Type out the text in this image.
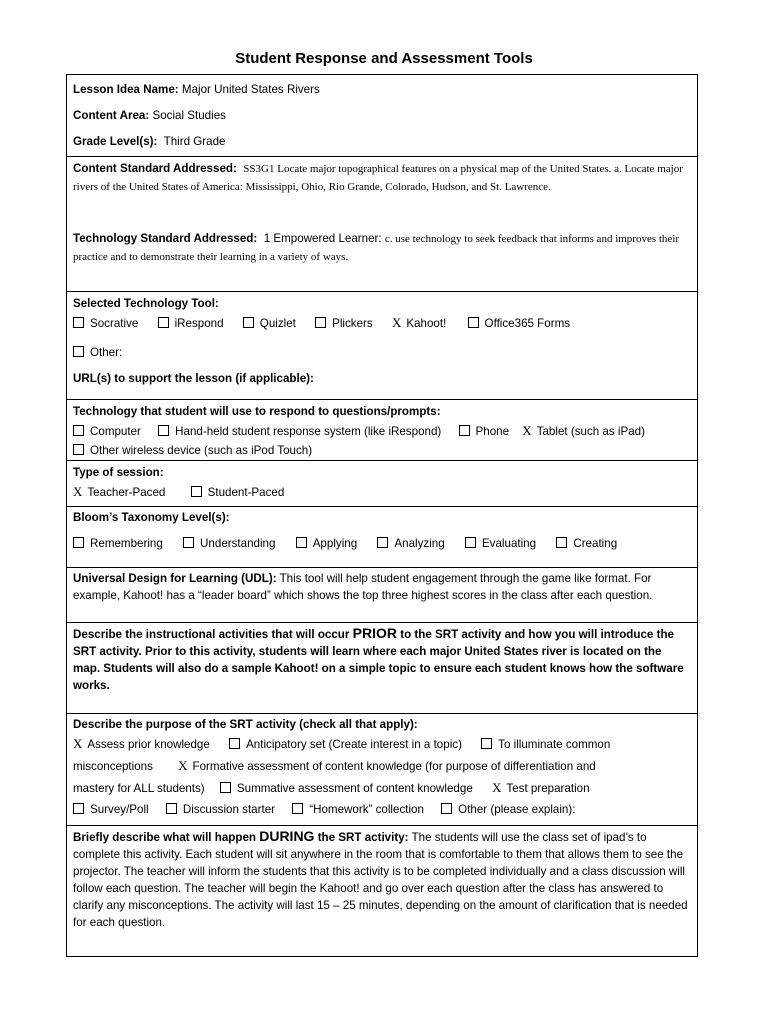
Student Response and Assessment Tools
Lesson Idea Name: Major United States Rivers
Content Area: Social Studies
Grade Level(s): Third Grade
Content Standard Addressed: SS3G1 Locate major topographical features on a physical map of the United States. a. Locate major rivers of the United States of America: Mississippi, Ohio, Rio Grande, Colorado, Hudson, and St. Lawrence.
Technology Standard Addressed: 1 Empowered Learner: c. use technology to seek feedback that informs and improves their practice and to demonstrate their learning in a variety of ways.
Selected Technology Tool:
Socrative	iRespond	Quizlet	Plickers X Kahoot!	Office365 Forms
Other:
URL(s) to support the lesson (if applicable):
Technology that student will use to respond to questions/prompts:
Computer	Hand-held student response system (like iRespond)	Phone X Tablet (such as iPad)
Other wireless device (such as iPod Touch)
Type of session:
X Teacher-Paced	Student-Paced
Bloom’s Taxonomy Level(s):
Remembering	Understanding	Applying	Analyzing	Evaluating	Creating
Universal Design for Learning (UDL): This tool will help student engagement through the game like format. For example, Kahoot! has a “leader board” which shows the top three highest scores in the class after each question.
Describe the instructional activities that will occur PRIOR to the SRT activity and how you will introduce the SRT activity. Prior to this activity, students will learn where each major United States river is located on the map. Students will also do a sample Kahoot! on a simple topic to ensure each student knows how the software works.
Describe the purpose of the SRT activity (check all that apply):
X Assess prior knowledge	Anticipatory set (Create interest in a topic)	To illuminate common
misconceptions X Formative assessment of content knowledge (for purpose of differentiation and
mastery for ALL students)	Summative assessment of content knowledge X Test preparation
Survey/Poll	Discussion starter	“Homework” collection	Other (please explain):
Briefly describe what will happen DURING the SRT activity: The students will use the class set of ipad’s to complete this activity. Each student will sit anywhere in the room that is comfortable to them that allows them to see the projector. The teacher will inform the students that this activity is to be completed individually and a class discussion will follow each question. The teacher will begin the Kahoot! and go over each question after the class has answered to clarify any misconceptions. The activity will last 15 – 25 minutes, depending on the amount of clarification that is needed for each question.
